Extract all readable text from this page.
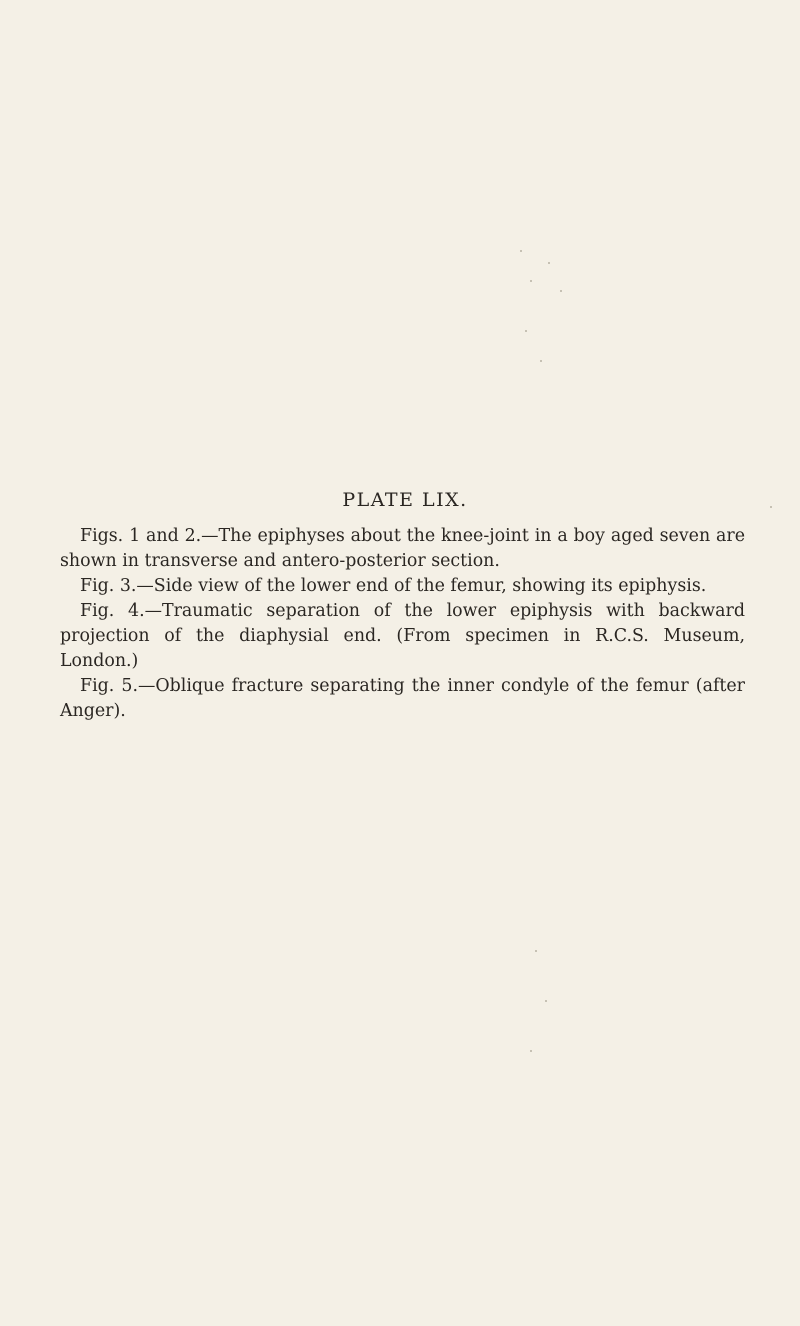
PLATE LIX.

Figs. 1 and 2.—The epiphyses about the knee-joint in a boy aged seven are shown in transverse and antero-posterior section.

Fig. 3.—Side view of the lower end of the femur, showing its epiphysis.

Fig. 4.—Traumatic separation of the lower epiphysis with backward projection of the diaphysial end. (From specimen in R.C.S. Museum, London.)

Fig. 5.—Oblique fracture separating the inner condyle of the femur (after Anger).
